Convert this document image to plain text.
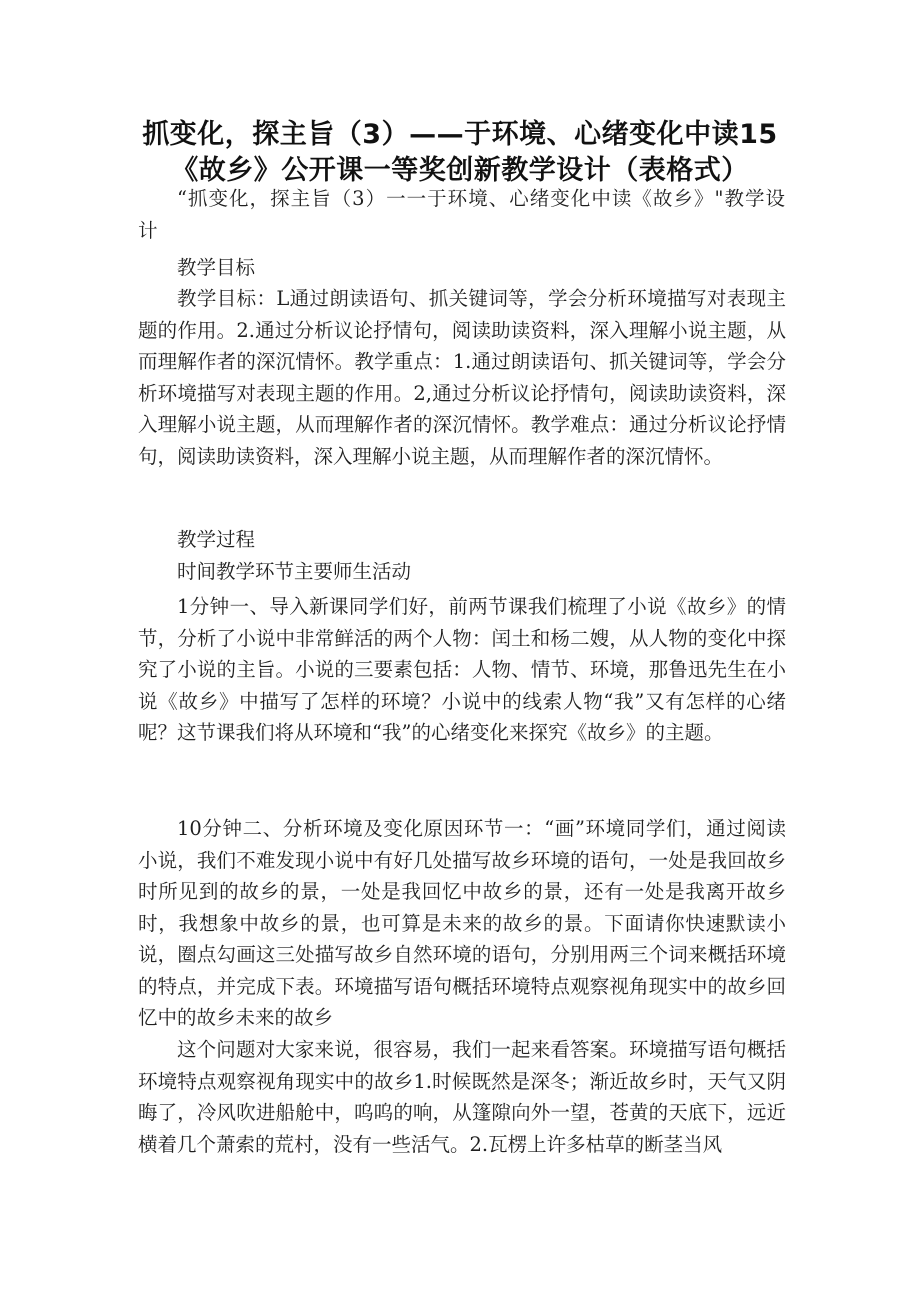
抓变化，探主旨（3）——于环境、心绪变化中读15
《故乡》公开课一等奖创新教学设计（表格式）

“抓变化，探主旨（3）一一于环境、心绪变化中读《故乡》"教学设计

教学目标

教学目标：L通过朗读语句、抓关键词等，学会分析环境描写对表现主题的作用。2.通过分析议论抒情句，阅读助读资料，深入理解小说主题，从而理解作者的深沉情怀。教学重点：1.通过朗读语句、抓关键词等，学会分析环境描写对表现主题的作用。2,通过分析议论抒情句，阅读助读资料，深入理解小说主题，从而理解作者的深沉情怀。教学难点：通过分析议论抒情句，阅读助读资料，深入理解小说主题，从而理解作者的深沉情怀。

教学过程

时间教学环节主要师生活动

1分钟一、导入新课同学们好，前两节课我们梳理了小说《故乡》的情节，分析了小说中非常鲜活的两个人物：闰土和杨二嫂，从人物的变化中探究了小说的主旨。小说的三要素包括：人物、情节、环境，那鲁迅先生在小说《故乡》中描写了怎样的环境？小说中的线索人物“我”又有怎样的心绪呢？这节课我们将从环境和“我”的心绪变化来探究《故乡》的主题。

10分钟二、分析环境及变化原因环节一：“画”环境同学们，通过阅读小说，我们不难发现小说中有好几处描写故乡环境的语句，一处是我回故乡时所见到的故乡的景，一处是我回忆中故乡的景，还有一处是我离开故乡时，我想象中故乡的景，也可算是未来的故乡的景。下面请你快速默读小说，圈点勾画这三处描写故乡自然环境的语句，分别用两三个词来概括环境的特点，并完成下表。环境描写语句概括环境特点观察视角现实中的故乡回忆中的故乡未来的故乡

这个问题对大家来说，很容易，我们一起来看答案。环境描写语句概括环境特点观察视角现实中的故乡1.时候既然是深冬；渐近故乡时，天气又阴晦了，冷风吹进船舱中，呜呜的响，从篷隙向外一望，苍黄的天底下，远近横着几个萧索的荒村，没有一些活气。2.瓦楞上许多枯草的断茎当风
